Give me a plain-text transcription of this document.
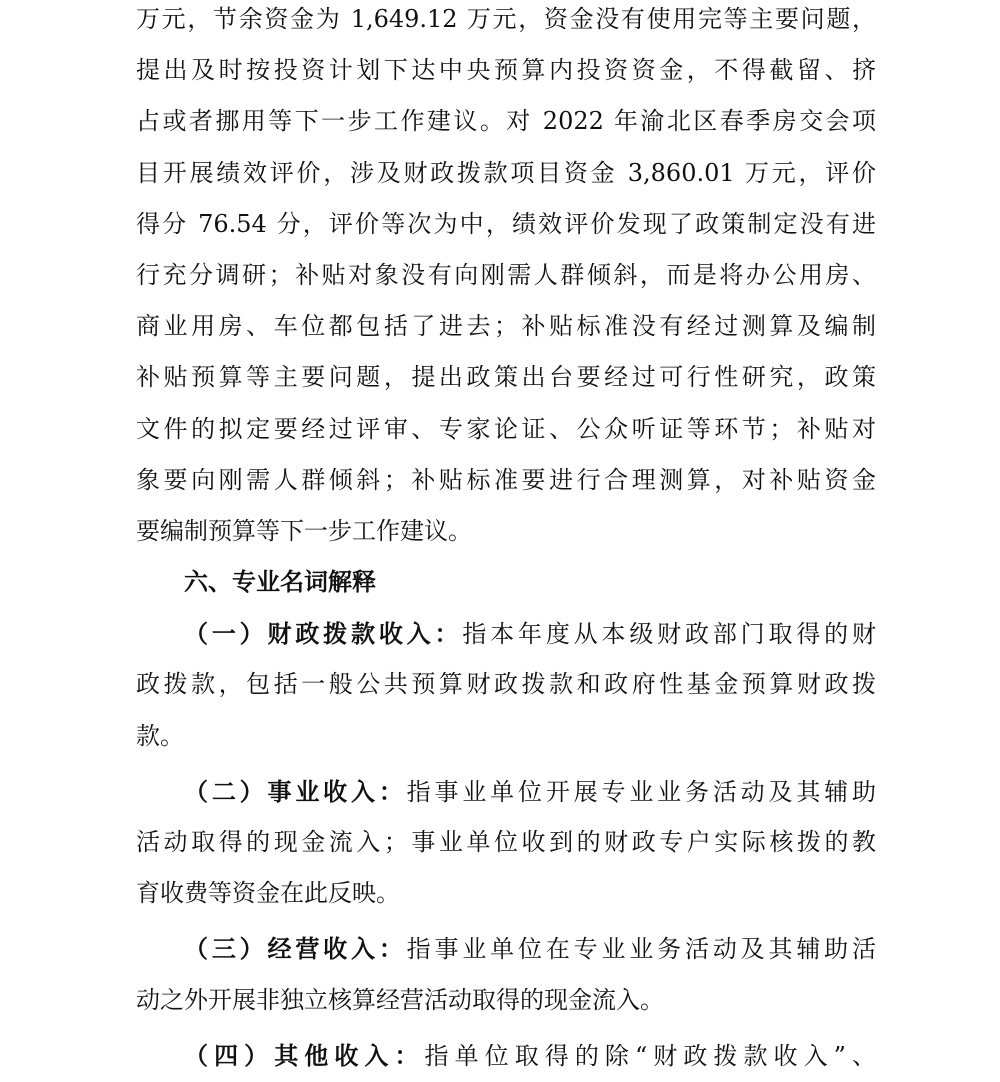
万元，节余资金为 1,649.12 万元，资金没有使用完等主要问题，
提出及时按投资计划下达中央预算内投资资金，不得截留、挤
占或者挪用等下一步工作建议。对 2022 年渝北区春季房交会项
目开展绩效评价，涉及财政拨款项目资金 3,860.01 万元，评价
得分 76.54 分，评价等次为中，绩效评价发现了政策制定没有进
行充分调研；补贴对象没有向刚需人群倾斜，而是将办公用房、
商业用房、车位都包括了进去；补贴标准没有经过测算及编制
补贴预算等主要问题，提出政策出台要经过可行性研究，政策
文件的拟定要经过评审、专家论证、公众听证等环节；补贴对
象要向刚需人群倾斜；补贴标准要进行合理测算，对补贴资金
要编制预算等下一步工作建议。
六、专业名词解释
（一）财政拨款收入：指本年度从本级财政部门取得的财
政拨款，包括一般公共预算财政拨款和政府性基金预算财政拨
款。
（二）事业收入：指事业单位开展专业业务活动及其辅助
活动取得的现金流入；事业单位收到的财政专户实际核拨的教
育收费等资金在此反映。
（三）经营收入：指事业单位在专业业务活动及其辅助活
动之外开展非独立核算经营活动取得的现金流入。
（四）其他收入：指单位取得的除“财政拨款收入”、
